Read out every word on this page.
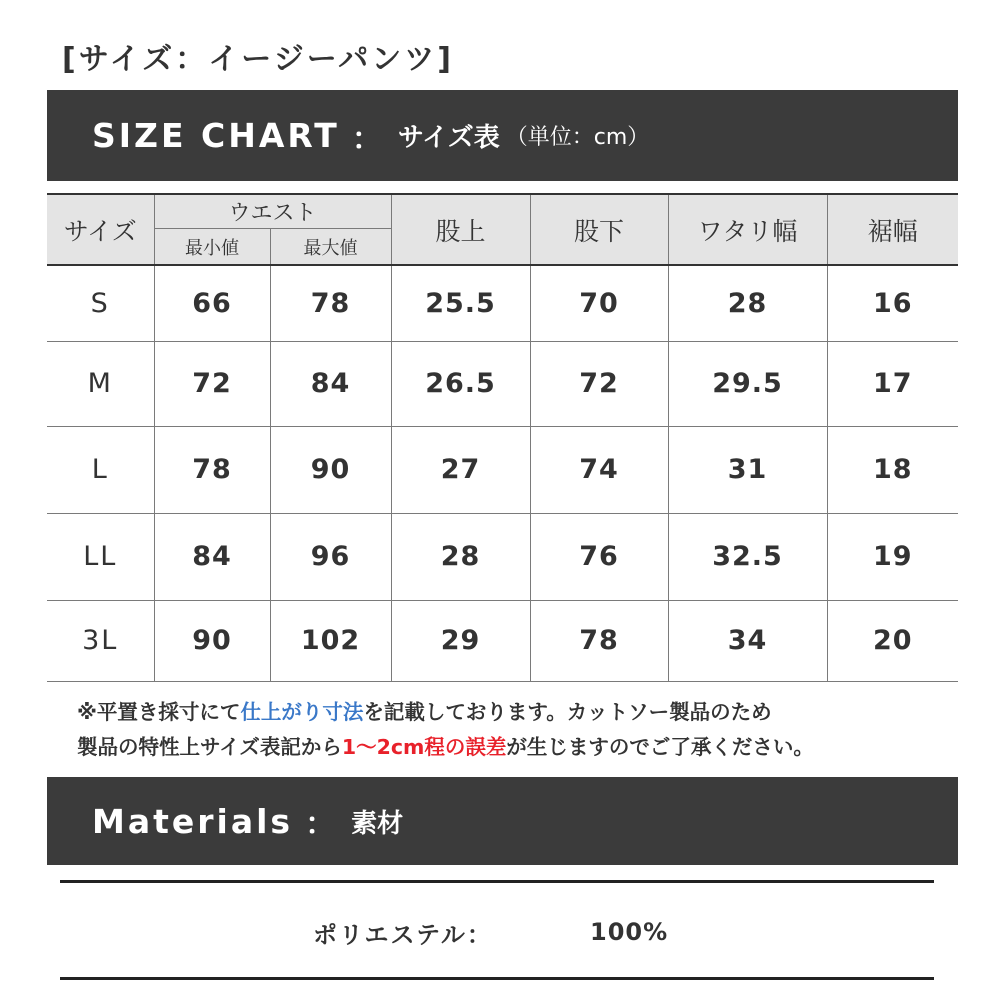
[サイズ：イージーパンツ]
SIZE CHART ： サイズ表 （単位：cm）
サイズ	ウエスト		股上	股下	ワタリ幅	裾幅
	最小値	最大値				
S	66	78	25.5	70	28	16
M	72	84	26.5	72	29.5	17
L	78	90	27	74	31	18
LL	84	96	28	76	32.5	19
3L	90	102	29	78	34	20
※平置き採寸にて仕上がり寸法を記載しております。カットソー製品のため
製品の特性上サイズ表記から1〜2cm程の誤差が生じますのでご了承ください。
Materials ： 素材
ポリエステル：	100%
